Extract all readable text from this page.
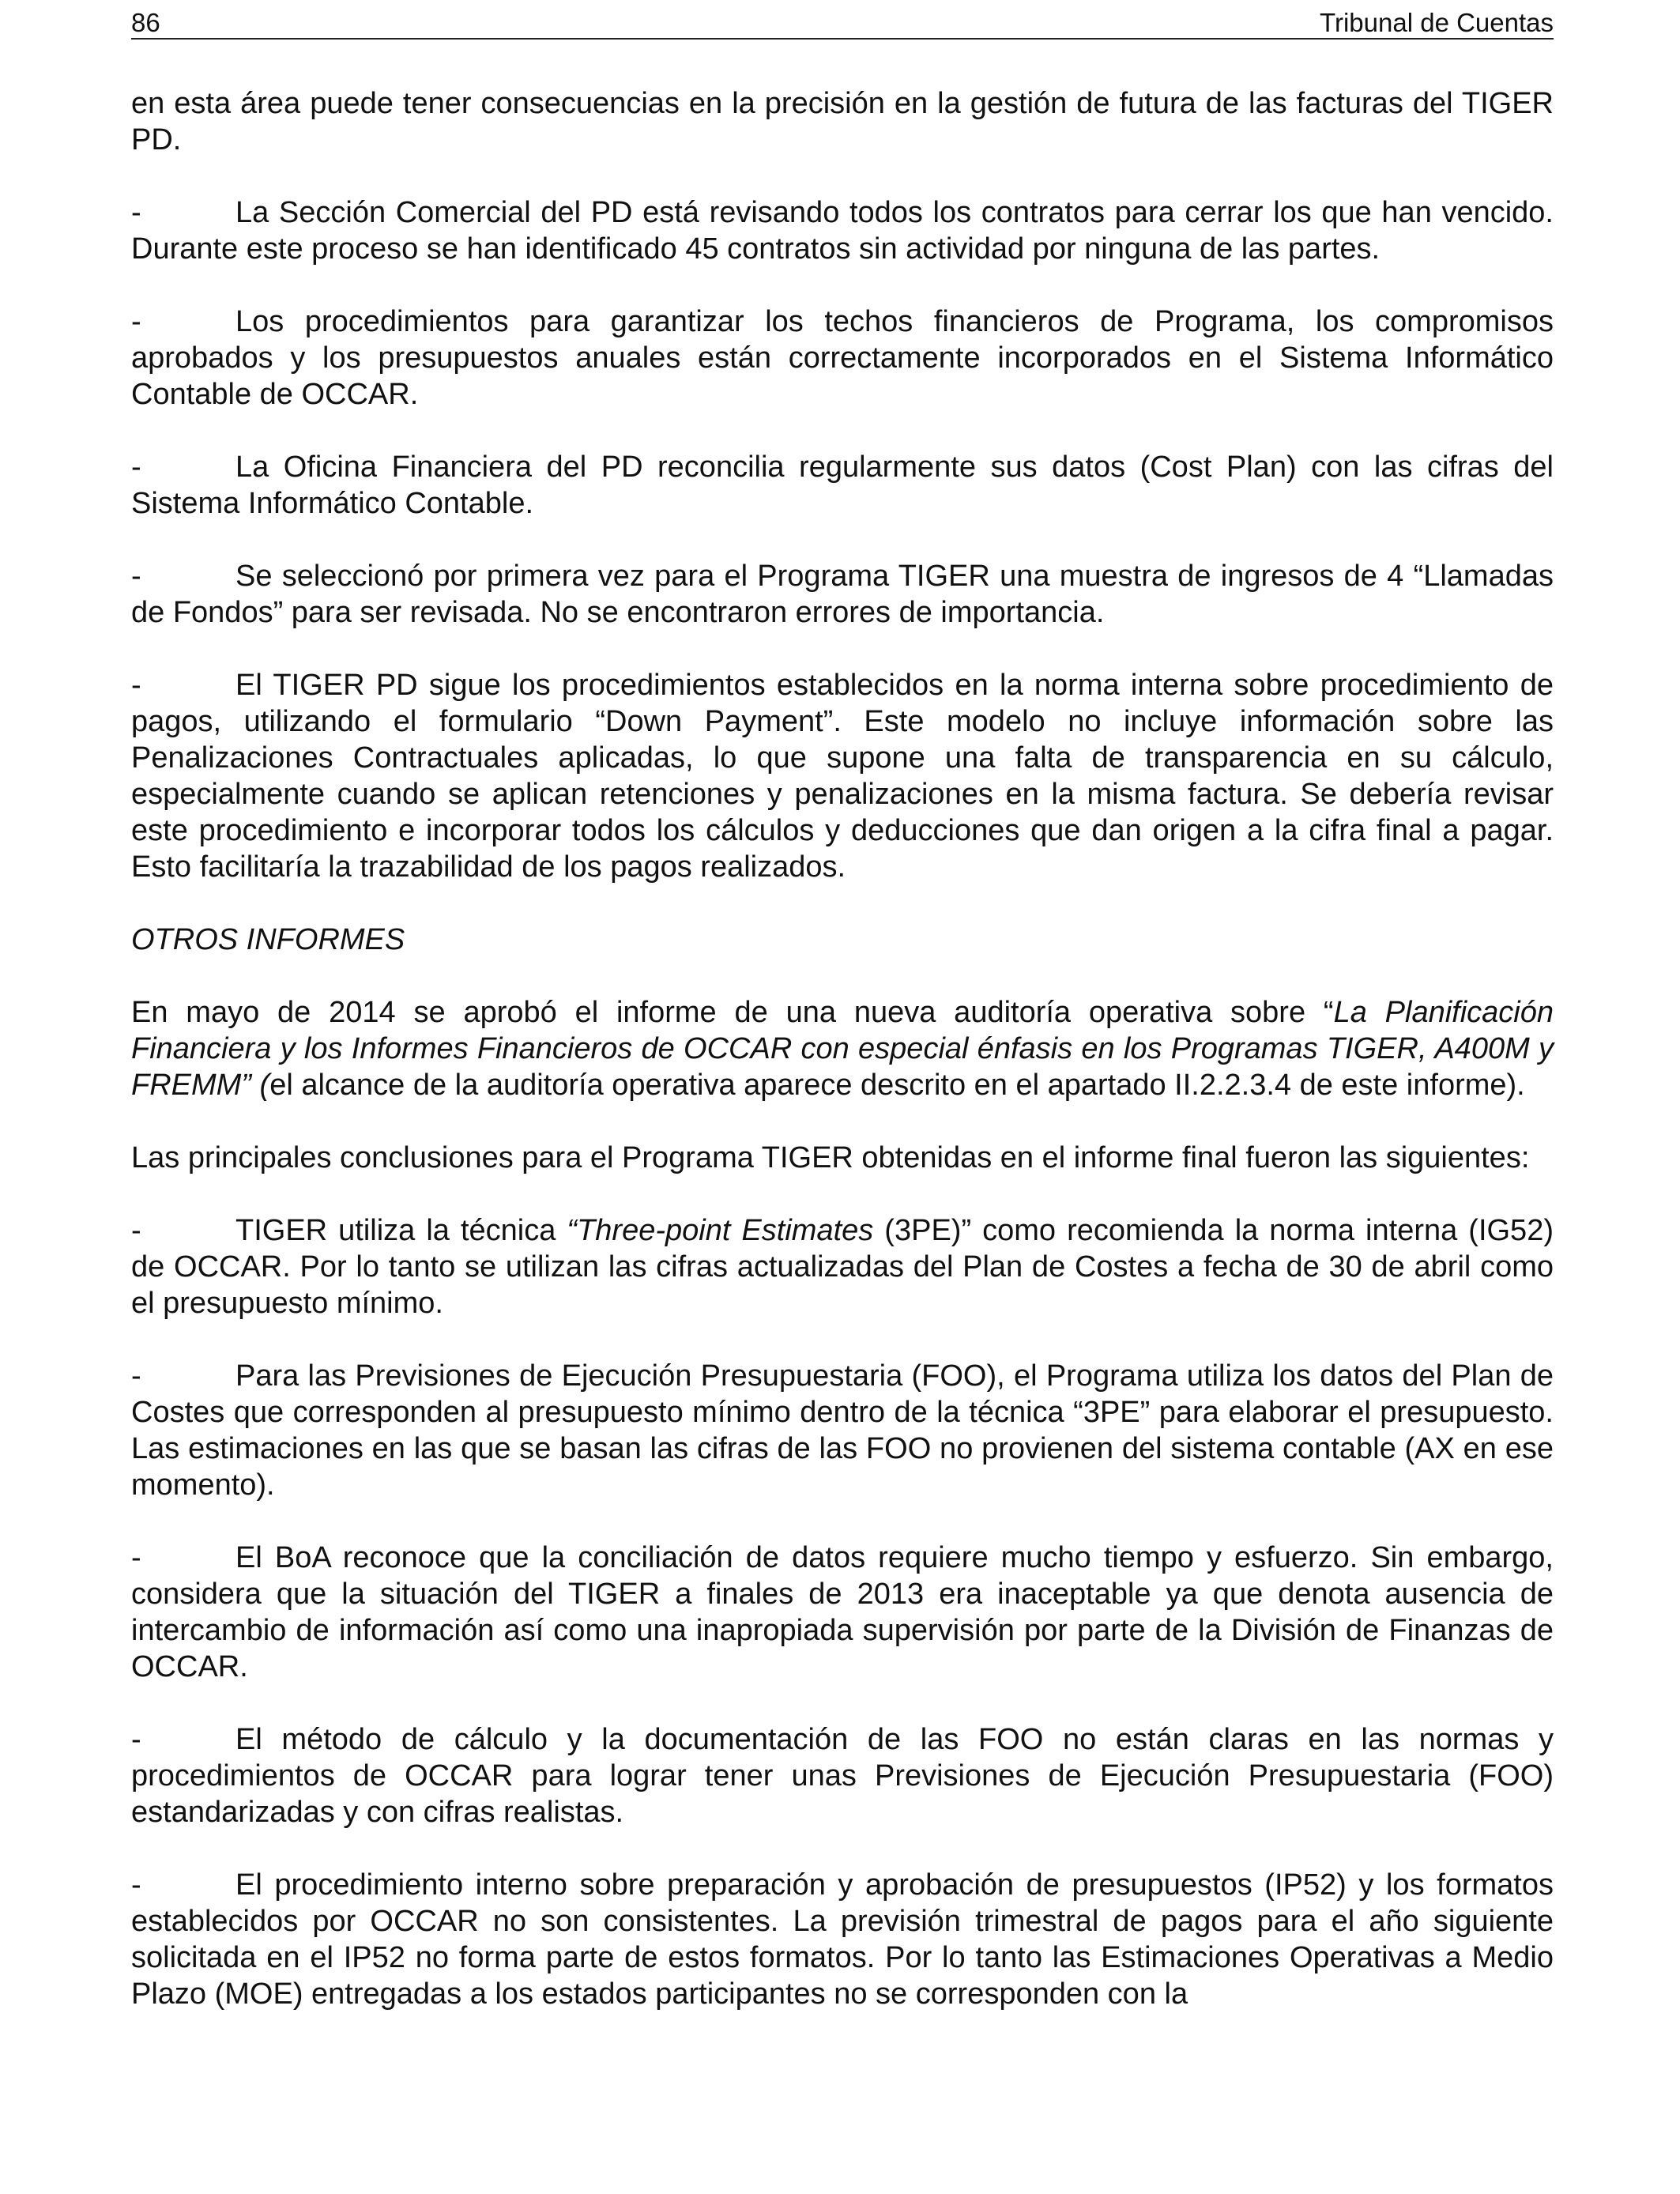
86	Tribunal de Cuentas

en esta área puede tener consecuencias en la precisión en la gestión de futura de las facturas del TIGER PD.

-	La Sección Comercial del PD está revisando todos los contratos para cerrar los que han vencido. Durante este proceso se han identificado 45 contratos sin actividad por ninguna de las partes.

-	Los procedimientos para garantizar los techos financieros de Programa, los compromisos aprobados y los presupuestos anuales están correctamente incorporados en el Sistema Informático Contable de OCCAR.

-	La Oficina Financiera del PD reconcilia regularmente sus datos (Cost Plan) con las cifras del Sistema Informático Contable.

-	Se seleccionó por primera vez para el Programa TIGER una muestra de ingresos de 4 “Llamadas de Fondos” para ser revisada. No se encontraron errores de importancia.

-	El TIGER PD sigue los procedimientos establecidos en la norma interna sobre procedimiento de pagos, utilizando el formulario “Down Payment”. Este modelo no incluye información sobre las Penalizaciones Contractuales aplicadas, lo que supone una falta de transparencia en su cálculo, especialmente cuando se aplican retenciones y penalizaciones en la misma factura. Se debería revisar este procedimiento e incorporar todos los cálculos y deducciones que dan origen a la cifra final a pagar. Esto facilitaría la trazabilidad de los pagos realizados.

OTROS INFORMES

En mayo de 2014 se aprobó el informe de una nueva auditoría operativa sobre “La Planificación Financiera y los Informes Financieros de OCCAR con especial énfasis en los Programas TIGER, A400M y FREMM” (el alcance de la auditoría operativa aparece descrito en el apartado II.2.2.3.4 de este informe).

Las principales conclusiones para el Programa TIGER obtenidas en el informe final fueron las siguientes:

-	TIGER utiliza la técnica “Three-point Estimates (3PE)” como recomienda la norma interna (IG52) de OCCAR. Por lo tanto se utilizan las cifras actualizadas del Plan de Costes a fecha de 30 de abril como el presupuesto mínimo.

-	Para las Previsiones de Ejecución Presupuestaria (FOO), el Programa utiliza los datos del Plan de Costes que corresponden al presupuesto mínimo dentro de la técnica “3PE” para elaborar el presupuesto. Las estimaciones en las que se basan las cifras de las FOO no provienen del sistema contable (AX en ese momento).

-	El BoA reconoce que la conciliación de datos requiere mucho tiempo y esfuerzo. Sin embargo, considera que la situación del TIGER a finales de 2013 era inaceptable ya que denota ausencia de intercambio de información así como una inapropiada supervisión por parte de la División de Finanzas de OCCAR.

-	El método de cálculo y la documentación de las FOO no están claras en las normas y procedimientos de OCCAR para lograr tener unas Previsiones de Ejecución Presupuestaria (FOO) estandarizadas y con cifras realistas.

-	El procedimiento interno sobre preparación y aprobación de presupuestos (IP52) y los formatos establecidos por OCCAR no son consistentes. La previsión trimestral de pagos para el año siguiente solicitada en el IP52 no forma parte de estos formatos. Por lo tanto las Estimaciones Operativas a Medio Plazo (MOE) entregadas a los estados participantes no se corresponden con la
